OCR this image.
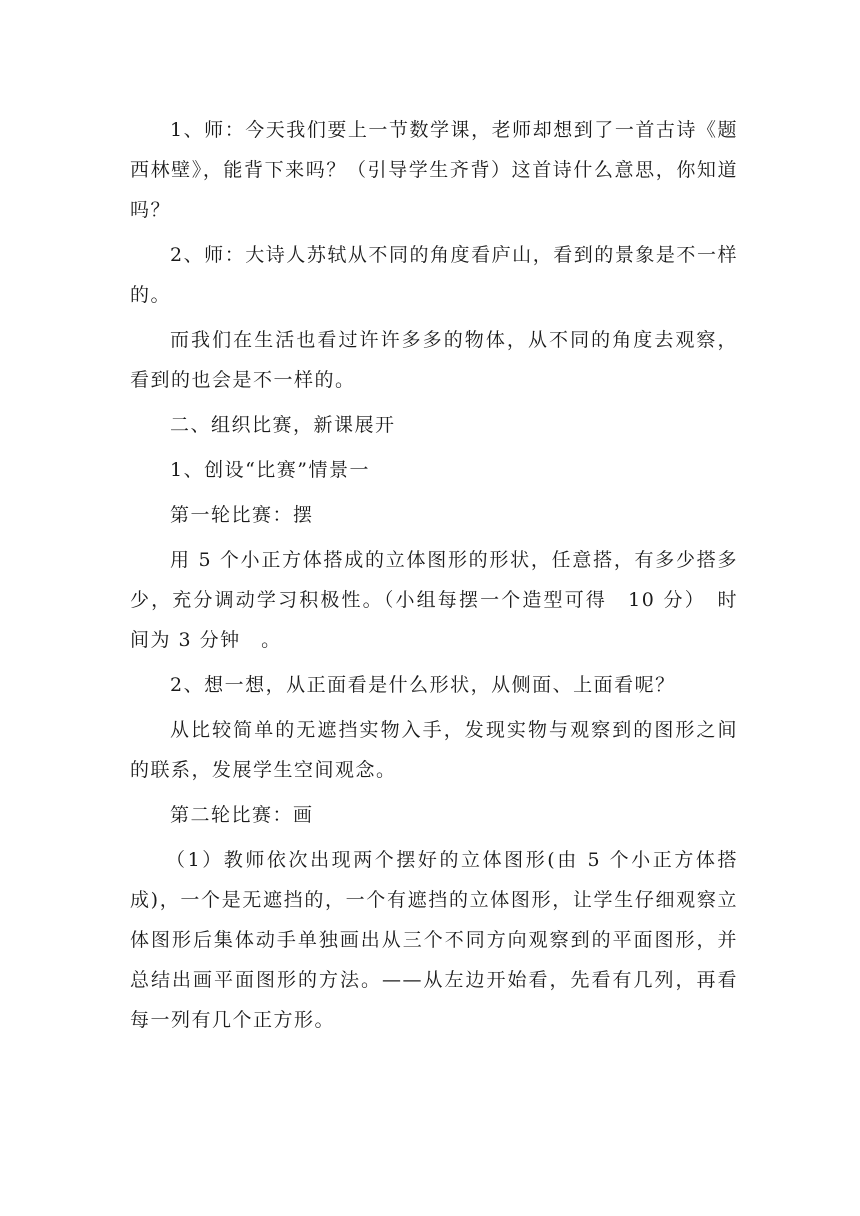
1、师：今天我们要上一节数学课，老师却想到了一首古诗《题西林壁》，能背下来吗？（引导学生齐背）这首诗什么意思，你知道吗？

2、师：大诗人苏轼从不同的角度看庐山，看到的景象是不一样的。

而我们在生活也看过许许多多的物体，从不同的角度去观察，看到的也会是不一样的。

二、组织比赛，新课展开

1、创设“比赛”情景一

第一轮比赛：摆

用 5 个小正方体搭成的立体图形的形状，任意搭，有多少搭多少，充分调动学习积极性。（小组每摆一个造型可得　10 分）　时间为 3 分钟　。

2、想一想，从正面看是什么形状，从侧面、上面看呢？

从比较简单的无遮挡实物入手，发现实物与观察到的图形之间的联系，发展学生空间观念。

第二轮比赛：画

（1）教师依次出现两个摆好的立体图形(由 5 个小正方体搭成)，一个是无遮挡的，一个有遮挡的立体图形，让学生仔细观察立体图形后集体动手单独画出从三个不同方向观察到的平面图形，并总结出画平面图形的方法。——从左边开始看，先看有几列，再看每一列有几个正方形。
